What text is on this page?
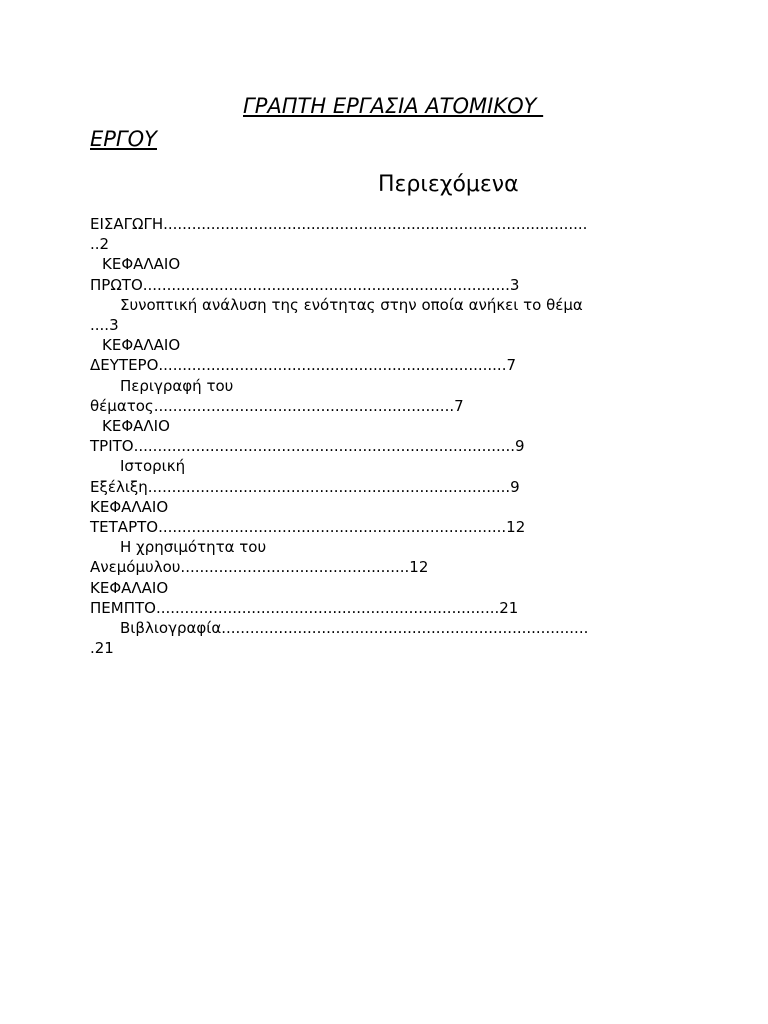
ΓΡΑΠΤΗ ΕΡΓΑΣΙΑ ΑΤΟΜΙΚΟΥ
ΕΡΓΟΥ
Περιεχόμενα
ΕΙΣΑΓΩΓΗ.........................................................................................
..2
ΚΕΦΑΛΑΙΟ
ΠΡΩΤΟ.............................................................................3
Συνοπτική ανάλυση της ενότητας στην οποία ανήκει το θέμα
....3
ΚΕΦΑΛΑΙΟ
ΔΕΥΤΕΡΟ.........................................................................7
Περιγραφή του
θέματος...............................................................7
ΚΕΦΑΛΙΟ
ΤΡΙΤΟ................................................................................9
Ιστορική
Εξέλιξη............................................................................9
ΚΕΦΑΛΑΙΟ
ΤΕΤΑΡΤΟ.........................................................................12
Η χρησιμότητα του
Ανεμόμυλου................................................12
ΚΕΦΑΛΑΙΟ
ΠΕΜΠΤΟ........................................................................21
Βιβλιογραφία.............................................................................
.21
